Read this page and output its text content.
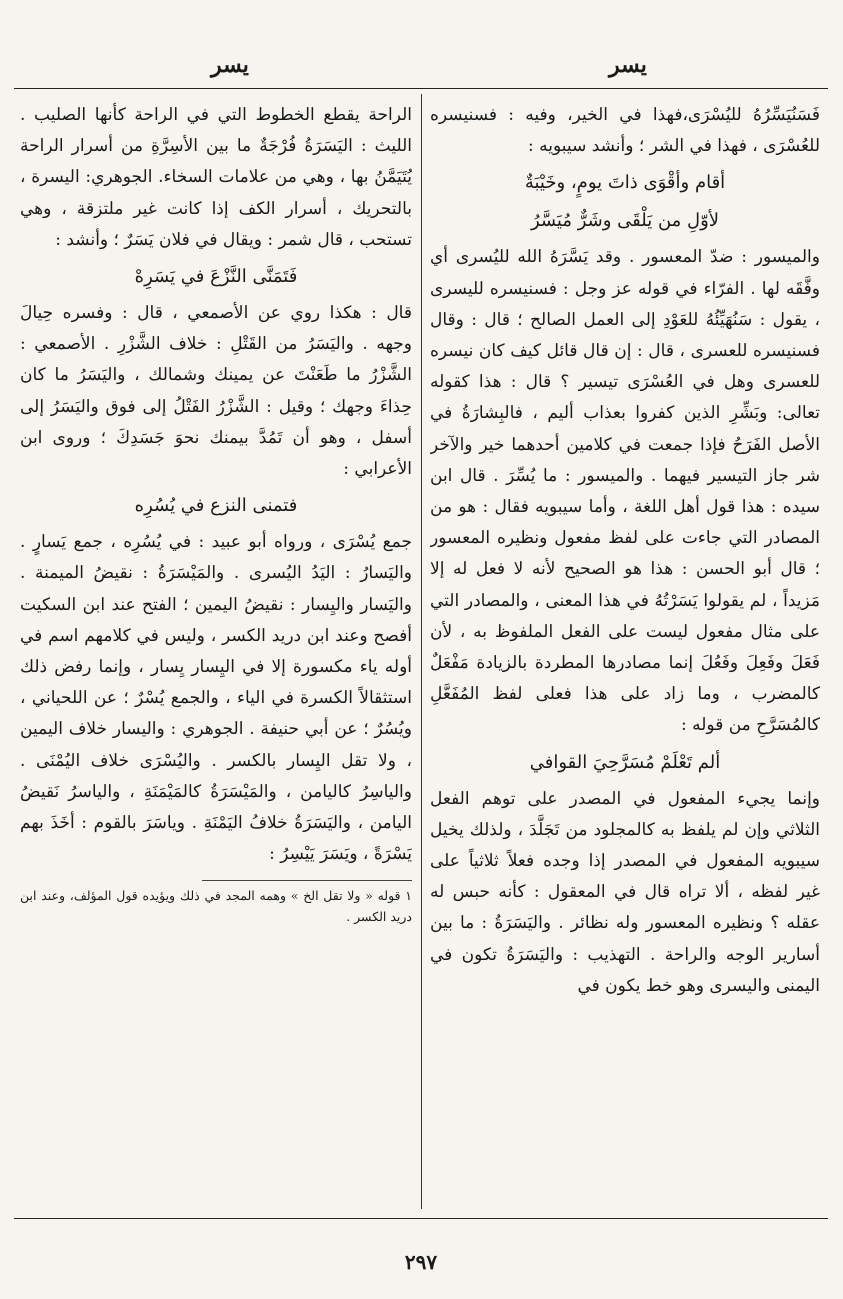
يسر
يسر

فَسَنُيَسِّرُهُ لليُسْرَى،فهذا في الخير، وفيه : فسنيسره للعُسْرَى ، فهذا في الشر ؛ وأنشد سيبويه :

أقام وأقْوَى ذاتَ يومٍ، وخَيْبَةٌ

لأوّلِ من يَلْقَى وشَرٌّ مُيَسَّرُ

والميسور : ضدّ المعسور . وقد يَسَّرَهُ الله لليُسرى أي وفَّقَه لها . الفرّاء في قوله عز وجل : فسنيسره لليسرى ، يقول : سَنُهَيِّئُهُ للعَوْدِ إلى العمل الصالح ؛ قال : وقال فسنيسره للعسرى ، قال : إن قال قائل كيف كان نيسره للعسرى وهل في العُسْرَى تيسير ؟ قال : هذا كقوله تعالى: وبَشِّرِ الذين كفروا بعذاب أليم ، فالبِشارَةُ في الأصل الفَرَحُ فإذا جمعت في كلامين أحدهما خير والآخر شر جاز التيسير فيهما . والميسور : ما يُسِّرَ . قال ابن سيده : هذا قول أهل اللغة ، وأما سيبويه فقال : هو من المصادر التي جاءت على لفظ مفعول ونظيره المعسور ؛ قال أبو الحسن : هذا هو الصحيح لأنه لا فعل له إلا مَزيداً ، لم يقولوا يَسَرْتُهُ في هذا المعنى ، والمصادر التي على مثال مفعول ليست على الفعل الملفوظ به ، لأن فَعَلَ وفَعِلَ وفَعُلَ إنما مصادرها المطردة بالزيادة مَفْعَلٌ كالمضرب ، وما زاد على هذا فعلى لفظ المُفَعَّلِ كالمُسَرَّحِ من قوله :

ألم تَعْلَمْ مُسَرَّحِيَ القوافي

وإنما يجيء المفعول في المصدر على توهم الفعل الثلاثي وإن لم يلفظ به كالمجلود من تَجَلَّدَ ، ولذلك يخيل سيبويه المفعول في المصدر إذا وجده فعلاً ثلاثياً على غير لفظه ، ألا تراه قال في المعقول : كأنه حبس له عقله ؟ ونظيره المعسور وله نظائر . واليَسَرَةُ : ما بين أسارير الوجه والراحة . التهذيب : واليَسَرَةُ تكون في اليمنى واليسرى وهو خط يكون في

الراحة يقطع الخطوط التي في الراحة كأنها الصليب . الليث : اليَسَرَةُ فُرْجَةٌ ما بين الأسِرَّةِ من أسرار الراحة يُتَيَمَّنُ بها ، وهي من علامات السخاء. الجوهري: اليسرة ، بالتحريك ، أسرار الكف إذا كانت غير ملتزقة ، وهي تستحب ، قال شمر : ويقال في فلان يَسَرٌ ؛ وأنشد :

فَتَمَنَّى النَّزْعَ في يَسَرِهْ

قال : هكذا روي عن الأصمعي ، قال : وفسره حِيالَ وجهه . واليَسَرُ من القَتْلِ : خلاف الشَّزْرِ . الأصمعي : الشَّزْرُ ما طَعَنْتَ عن يمينك وشمالك ، واليَسَرُ ما كان حِذاءَ وجهك ؛ وقيل : الشَّزْرُ الفَتْلُ إلى فوق واليَسَرُ إلى أسفل ، وهو أن تَمُدَّ بيمنك نحوَ جَسَدِكَ ؛ وروى ابن الأعرابي :

فتمنى النزع في يُسُرِه

جمع يُسْرَى ، ورواه أبو عبيد : في يُسُرِه ، جمع يَسارٍ . واليَسارُ : اليَدُ اليُسرى . والمَيْسَرَةُ : نقيضُ الميمنة . واليَسار واليِسار : نقيضُ اليمين ؛ الفتح عند ابن السكيت أفصح وعند ابن دريد الكسر ، وليس في كلامهم اسم في أوله ياء مكسورة إلا في اليِسار يِسار ، وإنما رفض ذلك استثقالاً الكسرة في الياء ، والجمع يُسْرٌ ؛ عن اللحياني ، ويُسُرٌ ؛ عن أبي حنيفة . الجوهري : واليسار خلاف اليمين ، ولا تقل اليِسار بالكسر . واليُسْرَى خلاف اليُمْنَى . والياسِرُ كاليامن ، والمَيْسَرَةُ كالمَيْمَنَةِ ، والياسرُ نَقيضُ اليامن ، واليَسَرَةُ خلافُ اليَمْنَةِ . وياسَرَ بالقوم : أخَذَ بهم يَسْرَةً ، ويَسَرَ يَيْسِرُ :

١ قوله « ولا تقل الخ » وهمه المجد في ذلك ويؤيده قول المؤلف، وعند ابن دريد الكسر .

٢٩٧
